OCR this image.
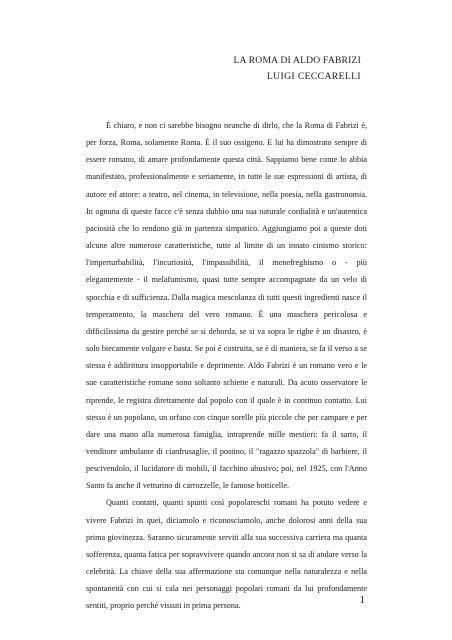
LA ROMA DI ALDO FABRIZI

LUIGI CECCARELLI

È chiaro, e non ci sarebbe bisogno neanche di dirlo, che la Roma di Fabrizi è, per forza, Roma, solamente Roma. È il suo ossigeno. E lui ha dimostrato sempre di essere romano, di amare profondamente questa città. Sappiamo bene come lo abbia manifestato, professionalmente e seriamente, in tutte le sue espressioni di artista, di autore ed attore: a teatro, nel cinema, in televisione, nella poesia, nella gastronomia. In ognuna di queste facce c'è senza dubbio una sua naturale cordialità e un'autentica paciosità che lo rendono già in partenza simpatico. Aggiungiamo poi a queste doti alcune altre numerose caratteristiche, tutte al limite di un innato cinismo storico: l'imperturbabilità, l'incuriosità, l'impassibilità, il menefreghismo o - più elegantemente - il melafumismo, quasi tutte sempre accompagnate da un velo di spocchia e di sufficienza. Dalla magica mescolanza di tutti questi ingredienti nasce il temperamento, la maschera del vero romano. È una maschera pericolosa e difficilissima da gestire perché se si deborda, se si va sopra le righe è un disastro, è solo biecamente volgare e basta. Se poi è costruita, se è di maniera, se fa il verso a se stessa è addirittura insopportabile e deprimente. Aldo Fabrizi è un romano vero e le sue caratteristiche romane sono soltanto schiette e naturali. Da acuto osservatore le riprende, le registra direttamente dal popolo con il quale è in continuo contatto. Lui stesso è un popolano, un orfano con cinque sorelle più piccole che per campare e per dare una mano alla numerosa famiglia, intraprende mille mestieri: fa il sarto, il venditore ambulante di cianfrusaglie, il postino, il "ragazzo spazzola" di barbiere, il pescivendolo, il lucidatore di mobili, il facchino abusivo; poi, nel 1925, con l'Anno Santo fa anche il vetturino di carrozzelle, le famose botticelle.

Quanti contatti, quanti spunti così popolareschi romani ha potuto vedere e vivere Fabrizi in quei, diciamolo e riconosciamolo, anche dolorosi anni della sua prima giovinezza. Saranno sicuramente serviti alla sua successiva carriera ma quanta sofferenza, quanta fatica per sopravvivere quando ancora non si sa di andare verso la celebrità. La chiave della sua affermazione sta comunque nella naturalezza e nella spontaneità con cui si cala nei personaggi popolari romani da lui profondamente sentiti, proprio perché vissuti in prima persona.	1
